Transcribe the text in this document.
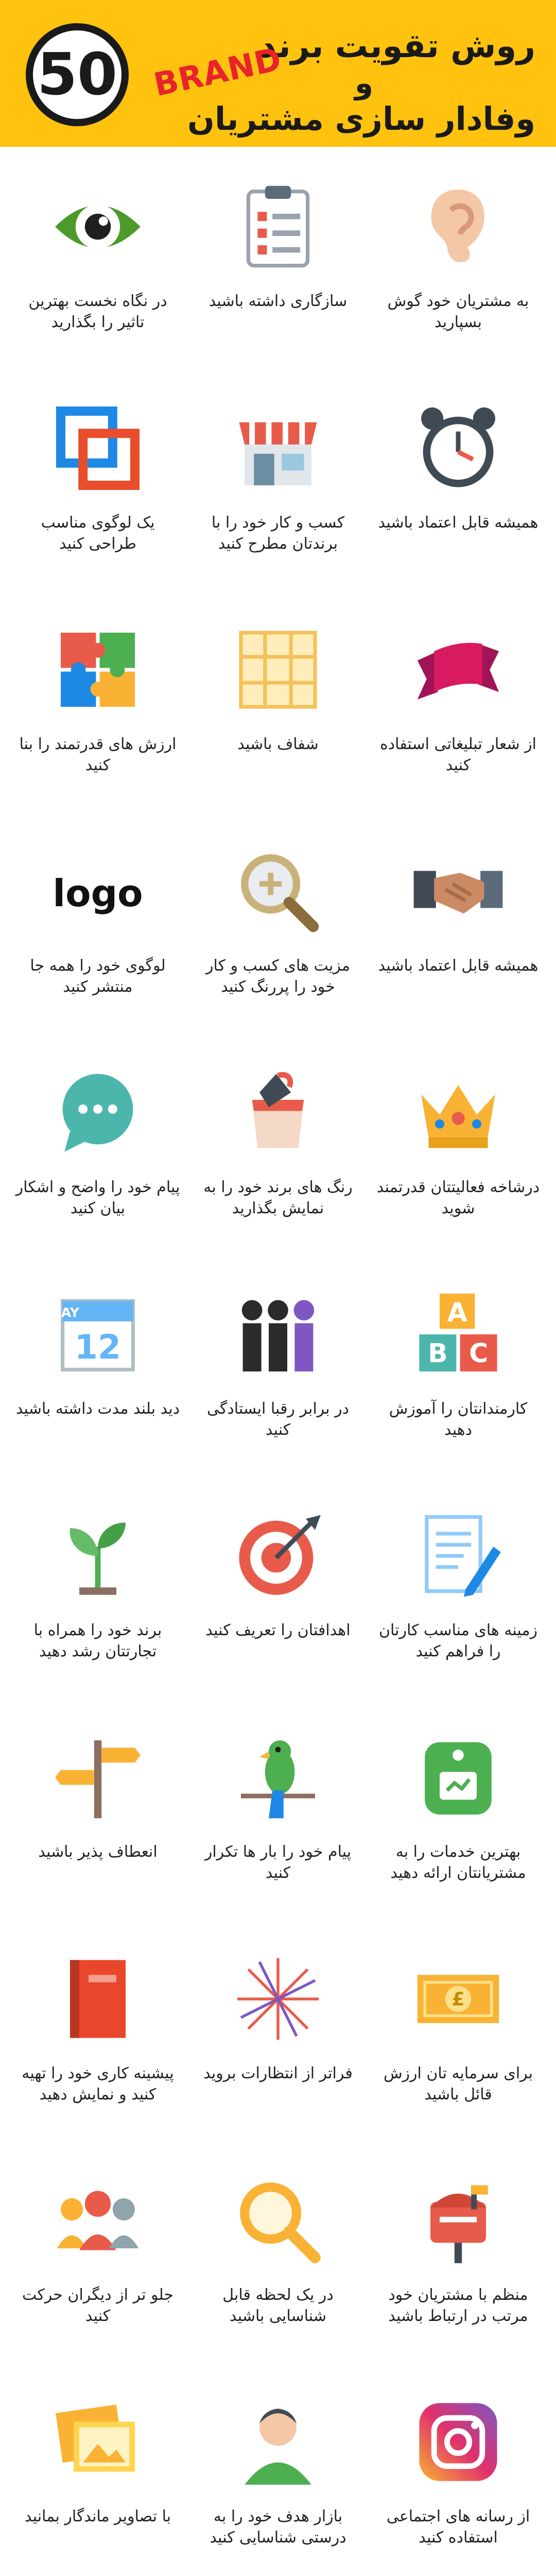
50	روش تقویت برند
BRAND و
وفادار سازی مشتریان
به مشتریان خود گوش بسپارید
سازگاری داشته باشید
در نگاه نخست بهترین تاثیر را بگذارید
همیشه قابل اعتماد باشید
کسب و کار خود را با برندتان مطرح کنید
یک لوگوی مناسب طراحی کنید
از شعار تبلیغاتی استفاده کنید
شفاف باشید
ارزش های قدرتمند را بنا کنید
همیشه قابل اعتماد باشید
مزیت های کسب و کار خود را پررنگ کنید
logo
لوگوی خود را همه جا منتشر کنید
درشاخه فعالیتتان قدرتمند شوید
رنگ های برند خود را به نمایش بگذارید
پیام خود را واضح و اشکار بیان کنید
A
B C
کارمندانتان را آموزش دهید
در برابر رقبا ایستادگی کنید
MAY
12
دید بلند مدت داشته باشید
زمینه های مناسب کارتان را فراهم کنید
اهدافتان را تعریف کنید
برند خود را همراه با تجارتتان رشد دهید
بهترین خدمات را به مشتریانتان ارائه دهید
پیام خود را بار ها تکرار کنید
انعطاف پذیر باشید
£
برای سرمایه تان ارزش قائل باشید
فراتر از انتظارات بروید
پیشینه کاری خود را تهیه کنید و نمایش دهید
منظم با مشتریان خود مرتب در ارتباط باشید
در یک لحظه قابل شناسایی باشید
جلو تر از دیگران حرکت کنید
از رسانه های اجتماعی استفاده کنید
بازار هدف خود را به درستی شناسایی کنید
با تصاویر ماندگار بمانید
